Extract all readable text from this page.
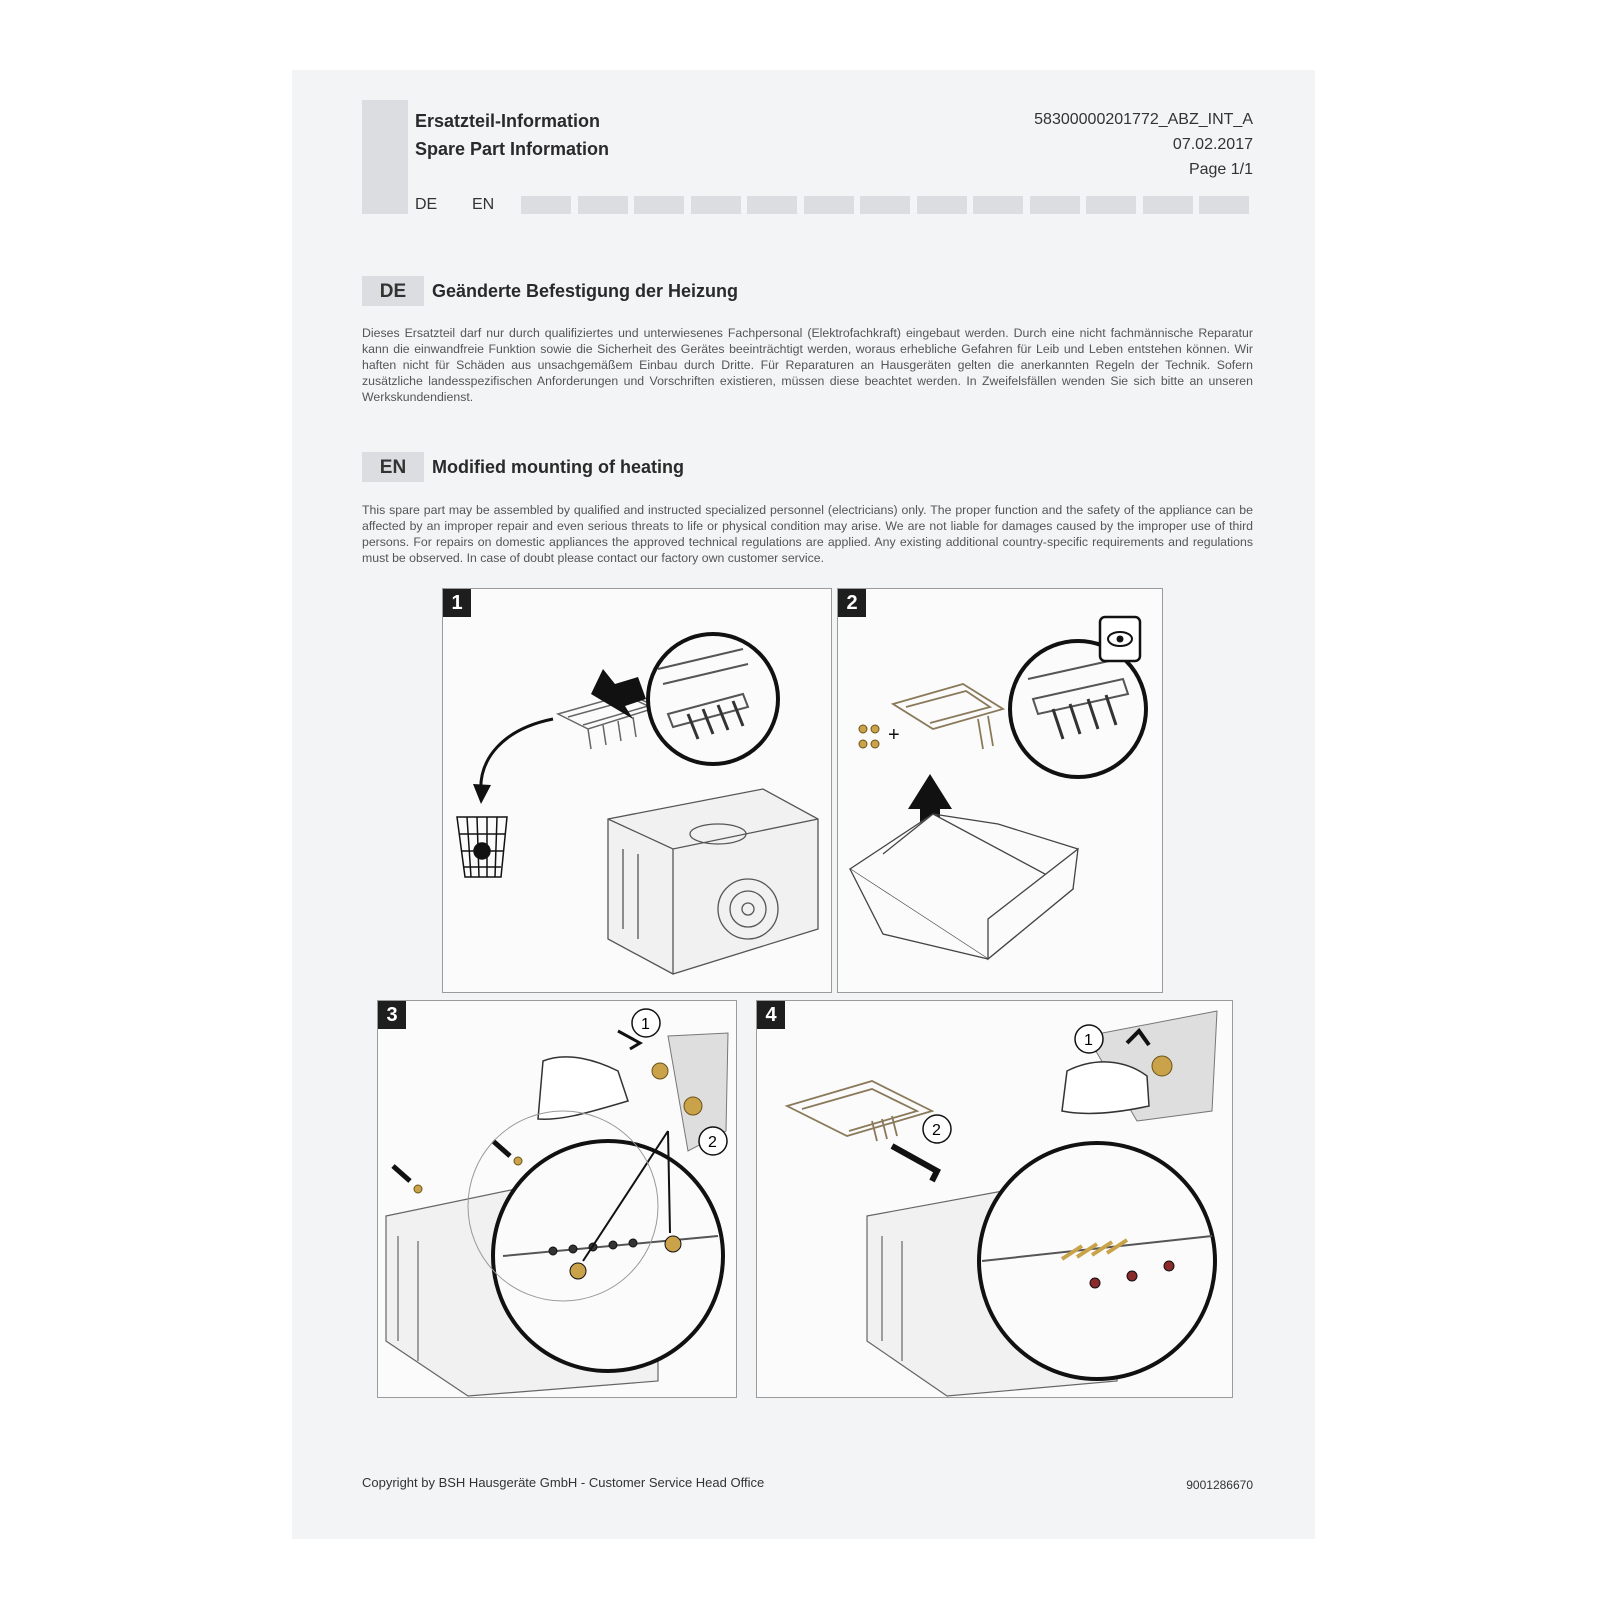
Ersatzteil-Information
Spare Part Information
58300000201772_ABZ_INT_A
07.02.2017
Page 1/1
DE	EN
DE	Geänderte Befestigung der Heizung
Dieses Ersatzteil darf nur durch qualifiziertes und unterwiesenes Fachpersonal (Elektrofachkraft) eingebaut werden. Durch eine nicht fachmännische Reparatur kann die einwandfreie Funktion sowie die Sicherheit des Gerätes beeinträchtigt werden, woraus erhebliche Gefahren für Leib und Leben entstehen können. Wir haften nicht für Schäden aus unsachgemäßem Einbau durch Dritte. Für Reparaturen an Hausgeräten gelten die anerkannten Regeln der Technik. Sofern zusätzliche landesspezifischen Anforderungen und Vorschriften existieren, müssen diese beachtet werden. In Zweifelsfällen wenden Sie sich bitte an unseren Werkskundendienst.
EN	Modified mounting of heating
This spare part may be assembled by qualified and instructed specialized personnel (electricians) only. The proper function and the safety of the appliance can be affected by an improper repair and even serious threats to life or physical condition may arise. We are not liable for damages caused by the improper use of third persons. For repairs on domestic appliances the approved technical regulations are applied. Any existing additional country-specific requirements and regulations must be observed. In case of doubt please contact our factory own customer service.
1	2
+
3	1
2
4
2
1
Copyright by BSH Hausgeräte GmbH - Customer Service Head Office	9001286670
